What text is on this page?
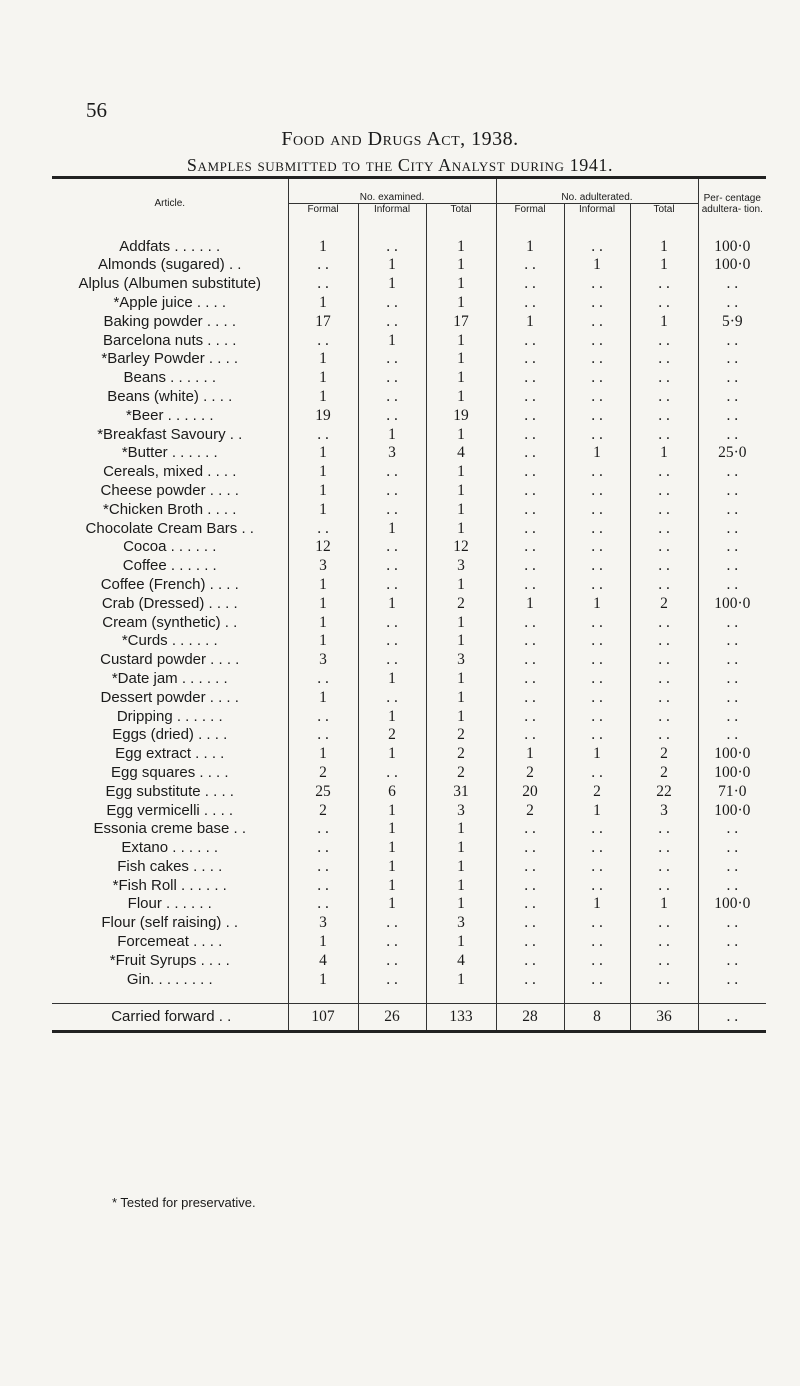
56
Food and Drugs Act, 1938.
Samples submitted to the City Analyst during 1941.
Article.	No. examined.			No. adulterated.			Per- centage adultera- tion.
	Formal	Informal	Total	Formal	Informal	Total	
Addfats . . . . . .	1	. .	1	1	. .	1	100·0
Almonds (sugared) . .	. .	1	1	. .	1	1	100·0
Alplus (Albumen substitute)	. .	1	1	. .	. .	. .	. .
*Apple juice . . . .	1	. .	1	. .	. .	. .	. .
Baking powder . . . .	17	. .	17	1	. .	1	5·9
Barcelona nuts . . . .	. .	1	1	. .	. .	. .	. .
*Barley Powder . . . .	1	. .	1	. .	. .	. .	. .
Beans . . . . . .	1	. .	1	. .	. .	. .	. .
Beans (white) . . . .	1	. .	1	. .	. .	. .	. .
*Beer . . . . . .	19	. .	19	. .	. .	. .	. .
*Breakfast Savoury . .	. .	1	1	. .	. .	. .	. .
*Butter . . . . . .	1	3	4	. .	1	1	25·0
Cereals, mixed . . . .	1	. .	1	. .	. .	. .	. .
Cheese powder . . . .	1	. .	1	. .	. .	. .	. .
*Chicken Broth . . . .	1	. .	1	. .	. .	. .	. .
Chocolate Cream Bars . .	. .	1	1	. .	. .	. .	. .
Cocoa . . . . . .	12	. .	12	. .	. .	. .	. .
Coffee . . . . . .	3	. .	3	. .	. .	. .	. .
Coffee (French) . . . .	1	. .	1	. .	. .	. .	. .
Crab (Dressed) . . . .	1	1	2	1	1	2	100·0
Cream (synthetic) . .	1	. .	1	. .	. .	. .	. .
*Curds . . . . . .	1	. .	1	. .	. .	. .	. .
Custard powder . . . .	3	. .	3	. .	. .	. .	. .
*Date jam . . . . . .	. .	1	1	. .	. .	. .	. .
Dessert powder . . . .	1	. .	1	. .	. .	. .	. .
Dripping . . . . . .	. .	1	1	. .	. .	. .	. .
Eggs (dried) . . . .	. .	2	2	. .	. .	. .	. .
Egg extract . . . .	1	1	2	1	1	2	100·0
Egg squares . . . .	2	. .	2	2	. .	2	100·0
Egg substitute . . . .	25	6	31	20	2	22	71·0
Egg vermicelli . . . .	2	1	3	2	1	3	100·0
Essonia creme base . .	. .	1	1	. .	. .	. .	. .
Extano . . . . . .	. .	1	1	. .	. .	. .	. .
Fish cakes . . . .	. .	1	1	. .	. .	. .	. .
*Fish Roll . . . . . .	. .	1	1	. .	. .	. .	. .
Flour . . . . . .	. .	1	1	. .	1	1	100·0
Flour (self raising) . .	3	. .	3	. .	. .	. .	. .
Forcemeat . . . .	1	. .	1	. .	. .	. .	. .
*Fruit Syrups . . . .	4	. .	4	. .	. .	. .	. .
Gin. . . . . . . .	1	. .	1	. .	. .	. .	. .

Carried forward . .	107	26	133	28	8	36	. .
* Tested for preservative.
